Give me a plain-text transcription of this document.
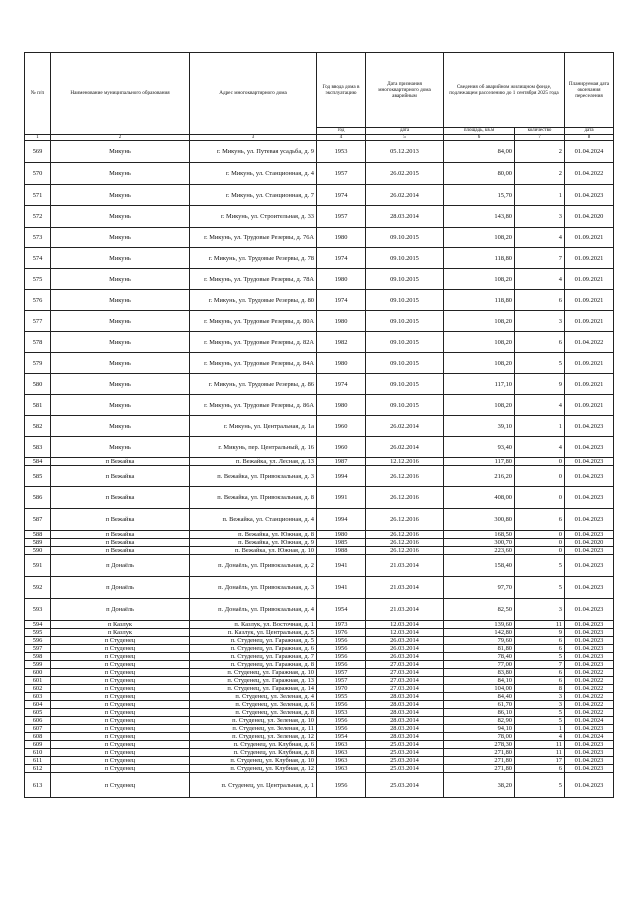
№ п/п	Наименование муниципального образования	Адрес многоквартирного дома	Год ввода дома в эксплуатацию	Дата признания многоквартирного дома аварийным	Сведения об аварийном жилищном фонде, подлежащем расселению до 1 сентября 2025 года		Планируемая дата окончания переселения
			год	дата	площадь, кв.м	количество	дата
1	2	3	4	5	6	7	8
569	Микунь	г. Микунь, ул. Путевая усадьба, д. 9	1953	05.12.2013	84,00	2	01.04.2024
570	Микунь	г. Микунь, ул. Станционная, д. 4	1957	26.02.2015	80,00	2	01.04.2022
571	Микунь	г. Микунь, ул. Станционная, д. 7	1974	26.02.2014	15,70	1	01.04.2023
572	Микунь	г. Микунь, ул. Строительная, д. 33	1957	28.03.2014	143,80	3	01.04.2020
573	Микунь	г. Микунь, ул. Трудовые Резервы, д. 76А	1980	09.10.2015	108,20	4	01.09.2021
574	Микунь	г. Микунь, ул. Трудовые Резервы, д. 78	1974	09.10.2015	118,80	7	01.09.2021
575	Микунь	г. Микунь, ул. Трудовые Резервы, д. 78А	1980	09.10.2015	108,20	4	01.09.2021
576	Микунь	г. Микунь, ул. Трудовые Резервы, д. 80	1974	09.10.2015	118,80	6	01.09.2021
577	Микунь	г. Микунь, ул. Трудовые Резервы, д. 80А	1980	09.10.2015	108,20	3	01.09.2021
578	Микунь	г. Микунь, ул. Трудовые Резервы, д. 82А	1982	09.10.2015	108,20	6	01.04.2022
579	Микунь	г. Микунь, ул. Трудовые Резервы, д. 84А	1980	09.10.2015	108,20	5	01.09.2021
580	Микунь	г. Микунь, ул. Трудовые Резервы, д. 86	1974	09.10.2015	117,10	9	01.09.2021
581	Микунь	г. Микунь, ул. Трудовые Резервы, д. 86А	1980	09.10.2015	108,20	4	01.09.2021
582	Микунь	г. Микунь, ул. Центральная, д. 1а	1960	26.02.2014	39,10	1	01.04.2023
583	Микунь	г. Микунь, пер. Центральный, д. 16	1960	26.02.2014	93,40	4	01.04.2023
584	п Вежайка	п. Вежайка, ул. Лесная, д. 13	1987	12.12.2016	117,80	0	01.04.2023
585	п Вежайка	п. Вежайка, ул. Привокзальная, д. 3	1994	26.12.2016	216,20	0	01.04.2023
586	п Вежайка	п. Вежайка, ул. Привокзальная, д. 8	1991	26.12.2016	408,00	0	01.04.2023
587	п Вежайка	п. Вежайка, ул. Станционная, д. 4	1994	26.12.2016	300,80	6	01.04.2023
588	п Вежайка	п. Вежайка, ул. Южная, д. 8	1980	26.12.2016	168,50	0	01.04.2023
589	п Вежайка	п. Вежайка, ул. Южная, д. 9	1985	26.12.2016	300,70	0	01.04.2020
590	п Вежайка	п. Вежайка, ул. Южная, д. 10	1988	26.12.2016	223,60	0	01.04.2023
591	п Донаёль	п. Донаёль, ул. Привокзальная, д. 2	1941	21.03.2014	158,40	5	01.04.2023
592	п Донаёль	п. Донаёль, ул. Привокзальная, д. 3	1941	21.03.2014	97,70	5	01.04.2023
593	п Донаёль	п. Донаёль, ул. Привокзальная, д. 4	1954	21.03.2014	82,50	3	01.04.2023
594	п Казлук	п. Казлук, ул. Восточная, д. 1	1973	12.03.2014	139,60	11	01.04.2023
595	п Казлук	п. Казлук, ул. Центральная, д. 5	1976	12.03.2014	142,80	9	01.04.2023
596	п Студенец	п. Студенец, ул. Гаражная, д. 5	1956	26.03.2014	79,60	6	01.04.2023
597	п Студенец	п. Студенец, ул. Гаражная, д. 6	1956	26.03.2014	81,80	6	01.04.2023
598	п Студенец	п. Студенец, ул. Гаражная, д. 7	1956	26.03.2014	78,40	5	01.04.2023
599	п Студенец	п. Студенец, ул. Гаражная, д. 8	1956	27.03.2014	77,00	7	01.04.2023
600	п Студенец	п. Студенец, ул. Гаражная, д. 10	1957	27.03.2014	83,80	6	01.04.2022
601	п Студенец	п. Студенец, ул. Гаражная, д. 13	1957	27.03.2014	84,10	6	01.04.2022
602	п Студенец	п. Студенец, ул. Гаражная, д. 14	1970	27.03.2014	104,00	8	01.04.2022
603	п Студенец	п. Студенец, ул. Зеленая, д. 4	1955	28.03.2014	84,40	3	01.04.2022
604	п Студенец	п. Студенец, ул. Зеленая, д. 6	1956	28.03.2014	61,70	3	01.04.2022
605	п Студенец	п. Студенец, ул. Зеленая, д. 8	1953	28.03.2014	86,10	5	01.04.2022
606	п Студенец	п. Студенец, ул. Зеленая, д. 10	1956	28.03.2014	82,90	5	01.04.2024
607	п Студенец	п. Студенец, ул. Зеленая, д. 11	1956	28.03.2014	94,10	1	01.04.2023
608	п Студенец	п. Студенец, ул. Зеленая, д. 12	1954	28.03.2014	78,00	4	01.04.2024
609	п Студенец	п. Студенец, ул. Клубная, д. 6	1963	25.03.2014	278,30	11	01.04.2023
610	п Студенец	п. Студенец, ул. Клубная, д. 8	1963	25.03.2014	271,80	11	01.04.2023
611	п Студенец	п. Студенец, ул. Клубная, д. 10	1963	25.03.2014	271,80	17	01.04.2023
612	п Студенец	п. Студенец, ул. Клубная, д. 12	1963	25.03.2014	271,80	6	01.04.2023
613	п Студенец	п. Студенец, ул. Центральная, д. 1	1956	25.03.2014	38,20	5	01.04.2023
